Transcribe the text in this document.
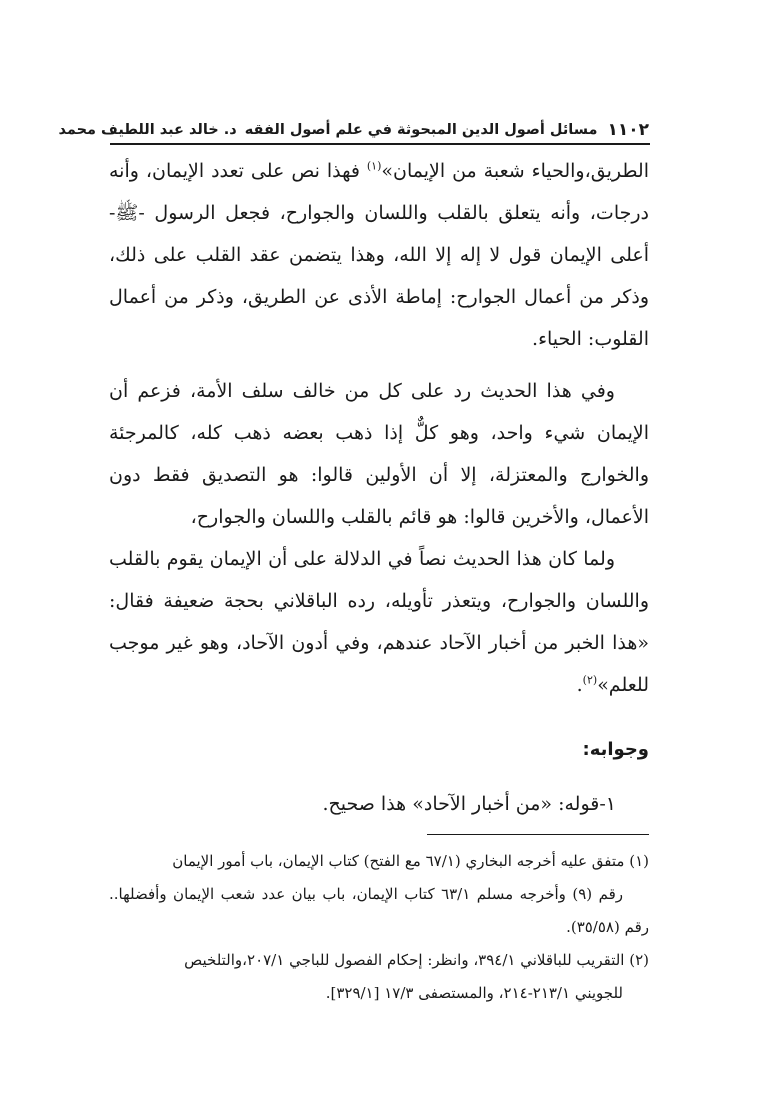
١١٠٢
مسائل أصول الدين المبحوثة في علم أصول الفقه
د. خالد عبد اللطيف محمد

الطريق،والحياء شعبة من الإيمان»$^{(١)}$ فهذا نص على تعدد الإيمان، وأنه درجات، وأنه يتعلق بالقلب واللسان والجوارح، فجعل الرسول -ﷺ- أعلى الإيمان قول لا إله إلا الله، وهذا يتضمن عقد القلب على ذلك، وذكر من أعمال الجوارح: إماطة الأذى عن الطريق، وذكر من أعمال القلوب: الحياء.

وفي هذا الحديث رد على كل من خالف سلف الأمة، فزعم أن الإيمان شيء واحد، وهو كلٌّ إذا ذهب بعضه ذهب كله، كالمرجئة والخوارج والمعتزلة، إلا أن الأولين قالوا: هو التصديق فقط دون الأعمال، والأخرين قالوا: هو قائم بالقلب واللسان والجوارح،

ولما كان هذا الحديث نصاً في الدلالة على أن الإيمان يقوم بالقلب واللسان والجوارح، ويتعذر تأويله، رده الباقلاني بحجة ضعيفة فقال: «هذا الخبر من أخبار الآحاد عندهم، وفي أدون الآحاد، وهو غير موجب للعلم»$^{(٢)}$.

وجوابه:
١-قوله: «من أخبار الآحاد» هذا صحيح.

(١) متفق عليه أخرجه البخاري (٦٧/١ مع الفتح) كتاب الإيمان، باب أمور الإيمان
رقم (٩) وأخرجه مسلم ٦٣/١ كتاب الإيمان، باب بيان عدد شعب الإيمان وأفضلها.. رقم (٣٥/٥٨).

(٢) التقريب للباقلاني ٣٩٤/١، وانظر: إحكام الفصول للباجي ٢٠٧/١،والتلخيص
للجويني ٢١٣/١-٢١٤، والمستصفى ١٧/٣ [٣٢٩/١].
